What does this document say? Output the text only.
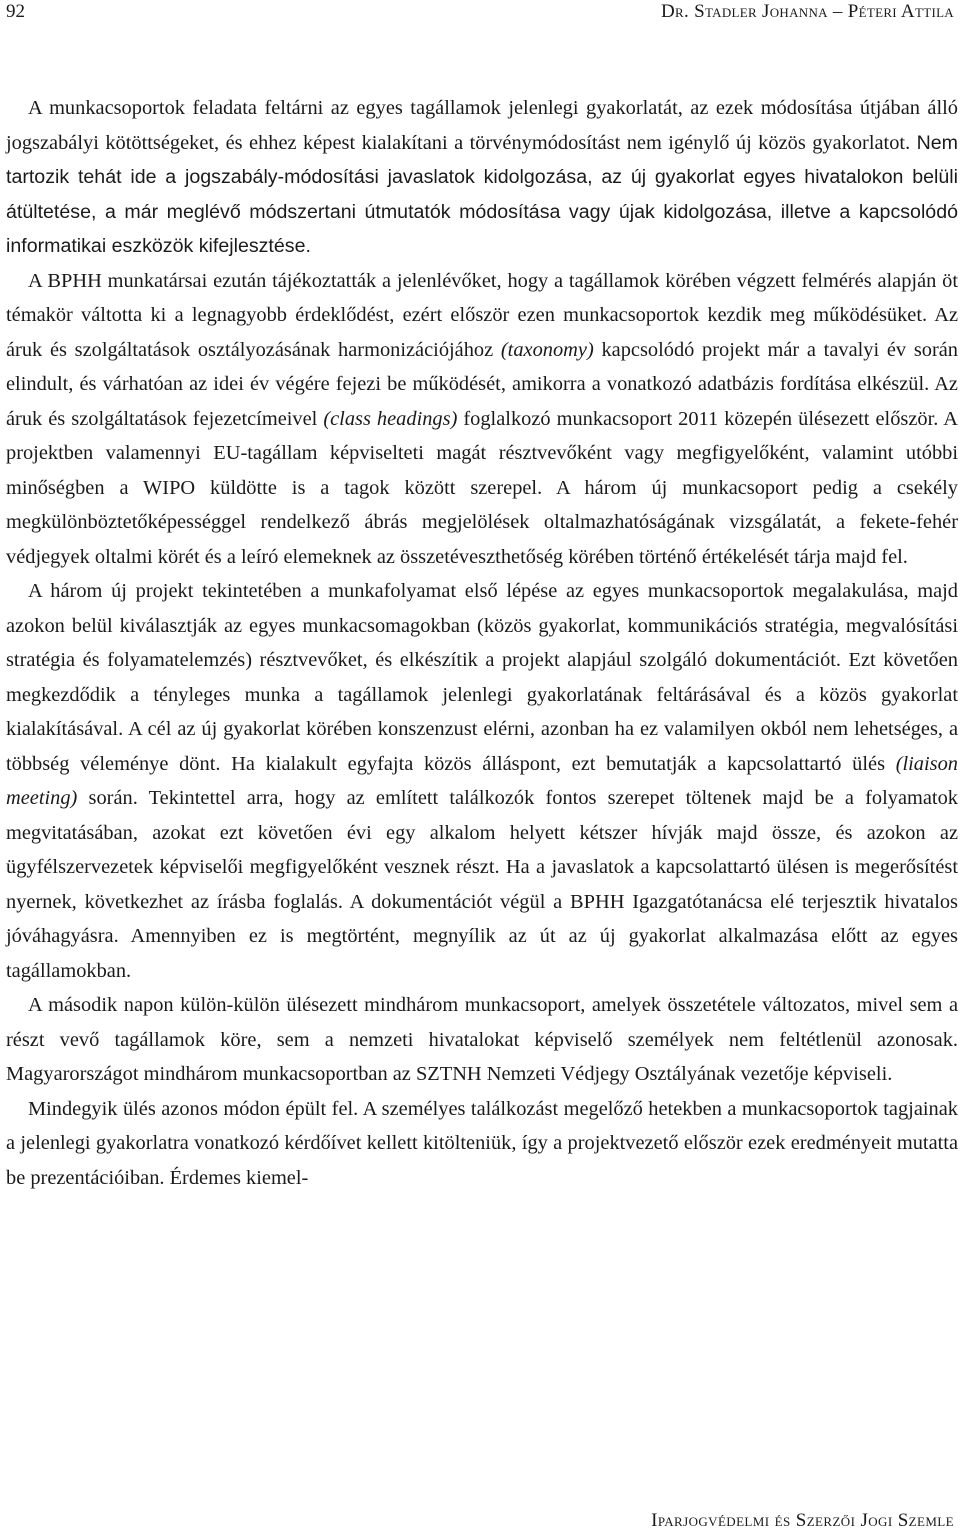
92	Dr. Stadler Johanna – Péteri Attila

A munkacsoportok feladata feltárni az egyes tagállamok jelenlegi gyakorlatát, az ezek módosítása útjában álló jogszabályi kötöttségeket, és ehhez képest kialakítani a törvénymódosítást nem igénylő új közös gyakorlatot. Nem tartozik tehát ide a jogszabály-módosítási javaslatok kidolgozása, az új gyakorlat egyes hivatalokon belüli átültetése, a már meglévő módszertani útmutatók módosítása vagy újak kidolgozása, illetve a kapcsolódó informatikai eszközök kifejlesztése.

A BPHH munkatársai ezután tájékoztatták a jelenlévőket, hogy a tagállamok körében végzett felmérés alapján öt témakör váltotta ki a legnagyobb érdeklődést, ezért először ezen munkacsoportok kezdik meg működésüket. Az áruk és szolgáltatások osztályozásának harmonizációjához (taxonomy) kapcsolódó projekt már a tavalyi év során elindult, és várhatóan az idei év végére fejezi be működését, amikorra a vonatkozó adatbázis fordítása elkészül. Az áruk és szolgáltatások fejezetcímeivel (class headings) foglalkozó munkacsoport 2011 közepén ülésezett először. A projektben valamennyi EU-tagállam képviselteti magát résztvevőként vagy megfigyelőként, valamint utóbbi minőségben a WIPO küldötte is a tagok között szerepel. A három új munkacsoport pedig a csekély megkülönböztetőképességgel rendelkező ábrás megjelölések oltalmazhatóságának vizsgálatát, a fekete-fehér védjegyek oltalmi körét és a leíró elemeknek az összetéveszthetőség körében történő értékelését tárja majd fel.

A három új projekt tekintetében a munkafolyamat első lépése az egyes munkacsoportok megalakulása, majd azokon belül kiválasztják az egyes munkacsomagokban (közös gyakorlat, kommunikációs stratégia, megvalósítási stratégia és folyamatelemzés) résztvevőket, és elkészítik a projekt alapjául szolgáló dokumentációt. Ezt követően megkezdődik a tényleges munka a tagállamok jelenlegi gyakorlatának feltárásával és a közös gyakorlat kialakításával. A cél az új gyakorlat körében konszenzust elérni, azonban ha ez valamilyen okból nem lehetséges, a többség véleménye dönt. Ha kialakult egyfajta közös álláspont, ezt bemutatják a kapcsolattartó ülés (liaison meeting) során. Tekintettel arra, hogy az említett találkozók fontos szerepet töltenek majd be a folyamatok megvitatásában, azokat ezt követően évi egy alkalom helyett kétszer hívják majd össze, és azokon az ügyfélszervezetek képviselői megfigyelőként vesznek részt. Ha a javaslatok a kapcsolattartó ülésen is megerősítést nyernek, következhet az írásba foglalás. A dokumentációt végül a BPHH Igazgatótanácsa elé terjesztik hivatalos jóváhagyásra. Amennyiben ez is megtörtént, megnyílik az út az új gyakorlat alkalmazása előtt az egyes tagállamokban.

A második napon külön-külön ülésezett mindhárom munkacsoport, amelyek összetétele változatos, mivel sem a részt vevő tagállamok köre, sem a nemzeti hivatalokat képviselő személyek nem feltétlenül azonosak. Magyarországot mindhárom munkacsoportban az SZTNH Nemzeti Védjegy Osztályának vezetője képviseli.

Mindegyik ülés azonos módon épült fel. A személyes találkozást megelőző hetekben a munkacsoportok tagjainak a jelenlegi gyakorlatra vonatkozó kérdőívet kellett kitölteniük, így a projektvezető először ezek eredményeit mutatta be prezentációiban. Érdemes kiemel-

Iparjogvédelmi és Szerzői Jogi Szemle
